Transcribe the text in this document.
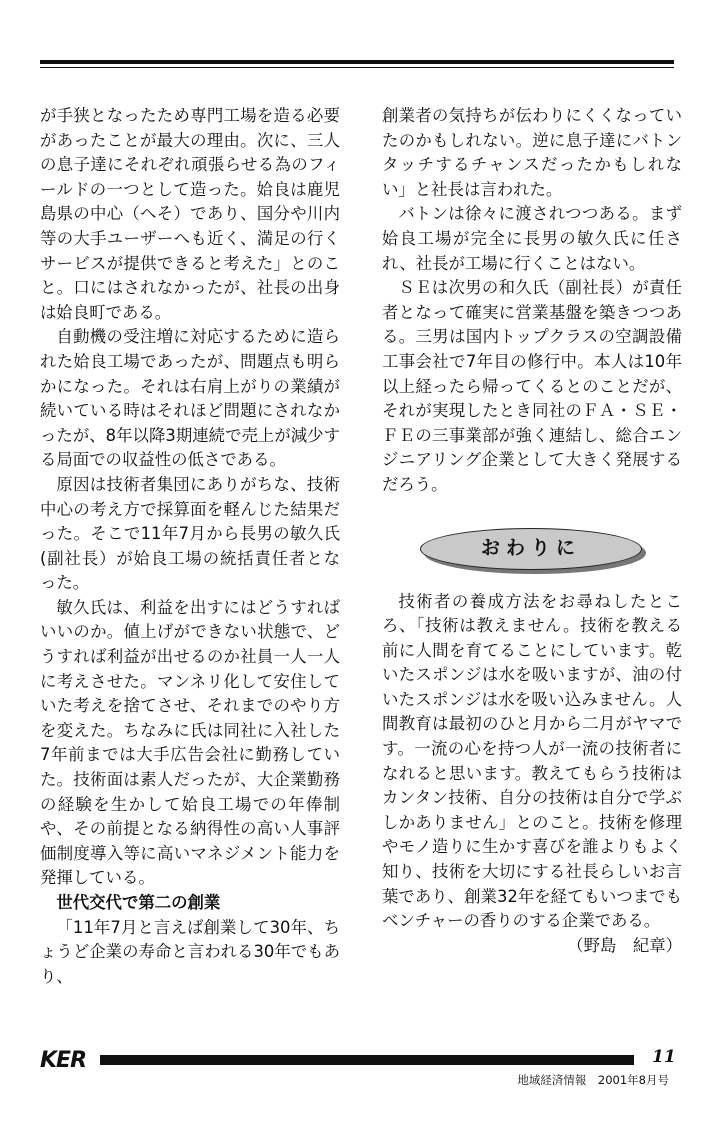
が手狭となったため専門工場を造る必要があったことが最大の理由。次に、三人の息子達にそれぞれ頑張らせる為のフィールドの一つとして造った。姶良は鹿児島県の中心（へそ）であり、国分や川内等の大手ユーザーへも近く、満足の行くサービスが提供できると考えた」とのこと。口にはされなかったが、社長の出身は姶良町である。

自動機の受注増に対応するために造られた姶良工場であったが、問題点も明らかになった。それは右肩上がりの業績が続いている時はそれほど問題にされなかったが、8年以降3期連続で売上が減少する局面での収益性の低さである。

原因は技術者集団にありがちな、技術中心の考え方で採算面を軽んじた結果だった。そこで11年7月から長男の敏久氏(副社長）が姶良工場の統括責任者となった。

敏久氏は、利益を出すにはどうすればいいのか。値上げができない状態で、どうすれば利益が出せるのか社員一人一人に考えさせた。マンネリ化して安住していた考えを捨てさせ、それまでのやり方を変えた。ちなみに氏は同社に入社した7年前までは大手広告会社に勤務していた。技術面は素人だったが、大企業勤務の経験を生かして姶良工場での年俸制や、その前提となる納得性の高い人事評価制度導入等に高いマネジメント能力を発揮している。

世代交代で第二の創業

「11年7月と言えば創業して30年、ちょうど企業の寿命と言われる30年でもあり、

創業者の気持ちが伝わりにくくなっていたのかもしれない。逆に息子達にバトンタッチするチャンスだったかもしれない」と社長は言われた。

バトンは徐々に渡されつつある。まず姶良工場が完全に長男の敏久氏に任され、社長が工場に行くことはない。

ＳＥは次男の和久氏（副社長）が責任者となって確実に営業基盤を築きつつある。三男は国内トップクラスの空調設備工事会社で7年目の修行中。本人は10年以上経ったら帰ってくるとのことだが、それが実現したとき同社のＦＡ・ＳＥ・ＦＥの三事業部が強く連結し、総合エンジニアリング企業として大きく発展するだろう。

おわりに

技術者の養成方法をお尋ねしたところ、「技術は教えません。技術を教える前に人間を育てることにしています。乾いたスポンジは水を吸いますが、油の付いたスポンジは水を吸い込みません。人間教育は最初のひと月から二月がヤマです。一流の心を持つ人が一流の技術者になれると思います。教えてもらう技術はカンタン技術、自分の技術は自分で学ぶしかありません」とのこと。技術を修理やモノ造りに生かす喜びを誰よりもよく知り、技術を大切にする社長らしいお言葉であり、創業32年を経てもいつまでもベンチャーの香りのする企業である。

（野島　紀章）

KER	11
地域経済情報　2001年8月号
